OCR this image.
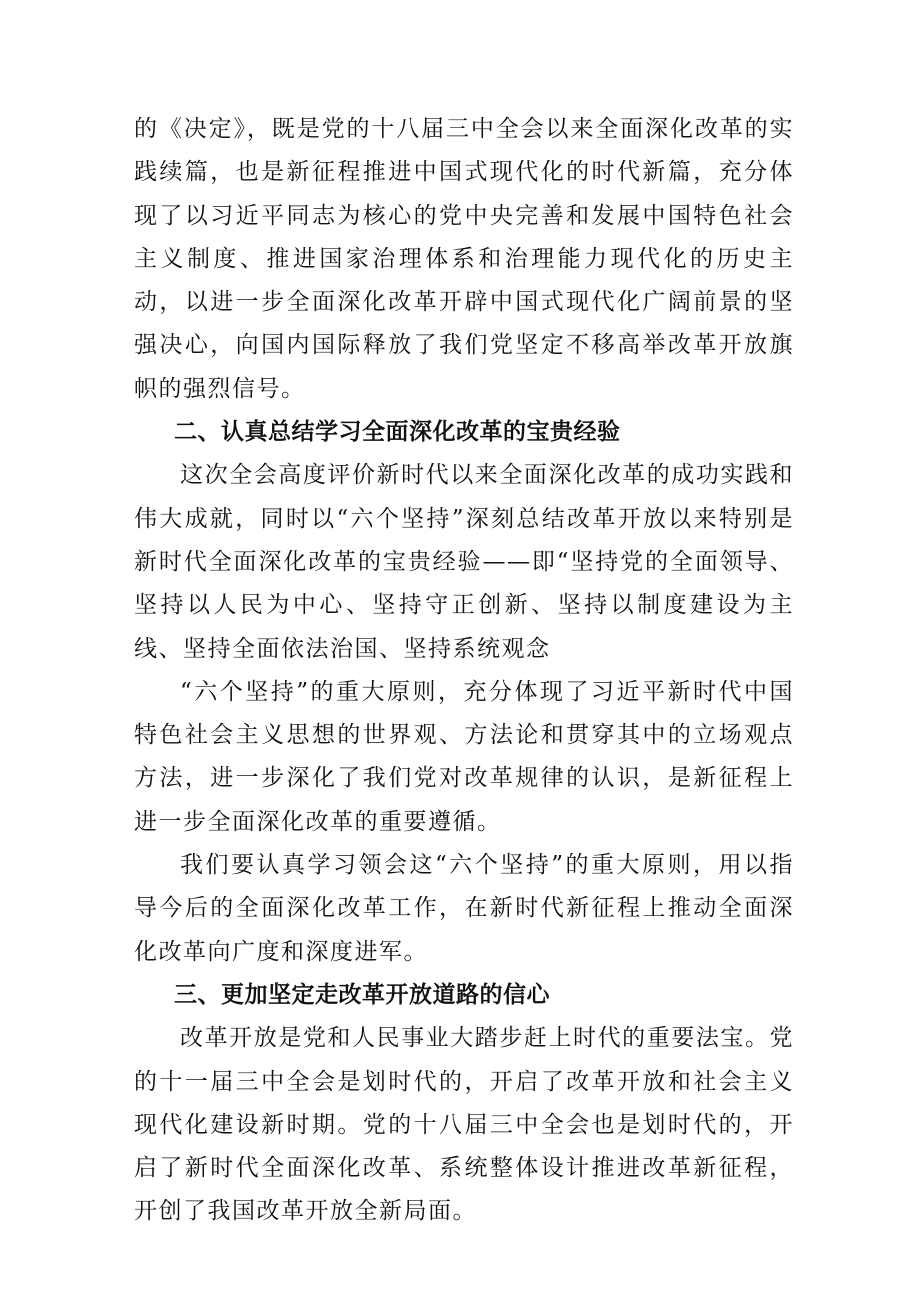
的《决定》，既是党的十八届三中全会以来全面深化改革的实践续篇，也是新征程推进中国式现代化的时代新篇，充分体现了以习近平同志为核心的党中央完善和发展中国特色社会主义制度、推进国家治理体系和治理能力现代化的历史主动，以进一步全面深化改革开辟中国式现代化广阔前景的坚强决心，向国内国际释放了我们党坚定不移高举改革开放旗帜的强烈信号。

二、认真总结学习全面深化改革的宝贵经验

这次全会高度评价新时代以来全面深化改革的成功实践和伟大成就，同时以“六个坚持”深刻总结改革开放以来特别是新时代全面深化改革的宝贵经验——即“坚持党的全面领导、坚持以人民为中心、坚持守正创新、坚持以制度建设为主线、坚持全面依法治国、坚持系统观念

“六个坚持”的重大原则，充分体现了习近平新时代中国特色社会主义思想的世界观、方法论和贯穿其中的立场观点方法，进一步深化了我们党对改革规律的认识，是新征程上进一步全面深化改革的重要遵循。

我们要认真学习领会这“六个坚持”的重大原则，用以指导今后的全面深化改革工作，在新时代新征程上推动全面深化改革向广度和深度进军。

三、更加坚定走改革开放道路的信心

改革开放是党和人民事业大踏步赶上时代的重要法宝。党的十一届三中全会是划时代的，开启了改革开放和社会主义现代化建设新时期。党的十八届三中全会也是划时代的，开启了新时代全面深化改革、系统整体设计推进改革新征程，开创了我国改革开放全新局面。
